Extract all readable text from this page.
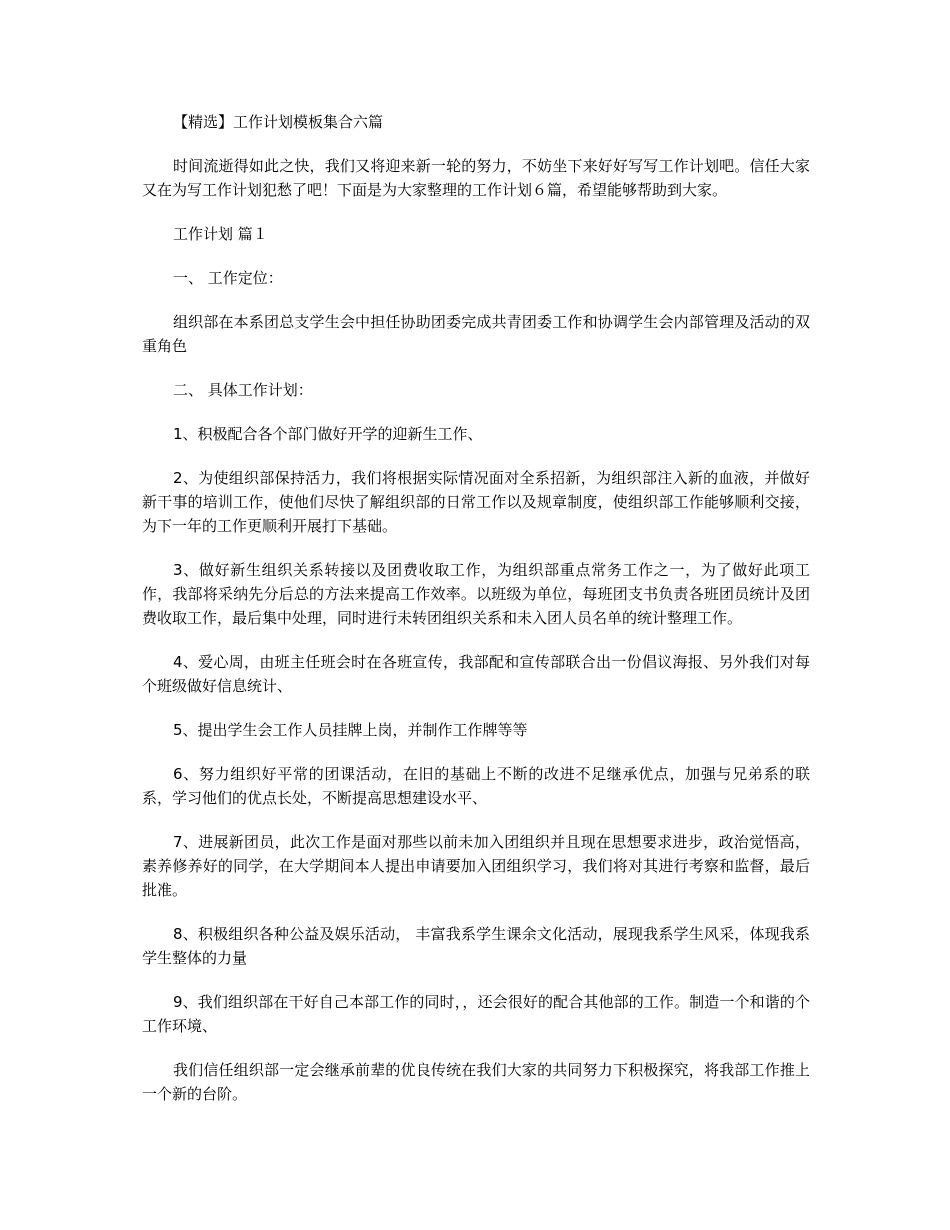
【精选】工作计划模板集合六篇

时间流逝得如此之快，我们又将迎来新一轮的努力，不妨坐下来好好写写工作计划吧。信任大家又在为写工作计划犯愁了吧！下面是为大家整理的工作计划６篇，希望能够帮助到大家。

工作计划 篇１

一、 工作定位：

组织部在本系团总支学生会中担任协助团委完成共青团委工作和协调学生会内部管理及活动的双重角色

二、 具体工作计划：

1、积极配合各个部门做好开学的迎新生工作、

2、为使组织部保持活力，我们将根据实际情况面对全系招新，为组织部注入新的血液，并做好新干事的培训工作，使他们尽快了解组织部的日常工作以及规章制度，使组织部工作能够顺利交接，为下一年的工作更顺利开展打下基础。

3、做好新生组织关系转接以及团费收取工作，为组织部重点常务工作之一，为了做好此项工作，我部将采纳先分后总的方法来提高工作效率。以班级为单位，每班团支书负责各班团员统计及团费收取工作，最后集中处理，同时进行未转团组织关系和未入团人员名单的统计整理工作。

4、爱心周，由班主任班会时在各班宣传，我部配和宣传部联合出一份倡议海报、另外我们对每个班级做好信息统计、

5、提出学生会工作人员挂牌上岗，并制作工作牌等等

6、努力组织好平常的团课活动，在旧的基础上不断的改进不足继承优点，加强与兄弟系的联系，学习他们的优点长处，不断提高思想建设水平、

7、进展新团员，此次工作是面对那些以前未加入团组织并且现在思想要求进步，政治觉悟高，素养修养好的同学，在大学期间本人提出申请要加入团组织学习，我们将对其进行考察和监督，最后批准。

8、积极组织各种公益及娱乐活动， 丰富我系学生课余文化活动，展现我系学生风采，体现我系学生整体的力量

9、我们组织部在干好自己本部工作的同时，，还会很好的配合其他部的工作。制造一个和谐的个工作环境、

我们信任组织部一定会继承前辈的优良传统在我们大家的共同努力下积极探究，将我部工作推上一个新的台阶。
